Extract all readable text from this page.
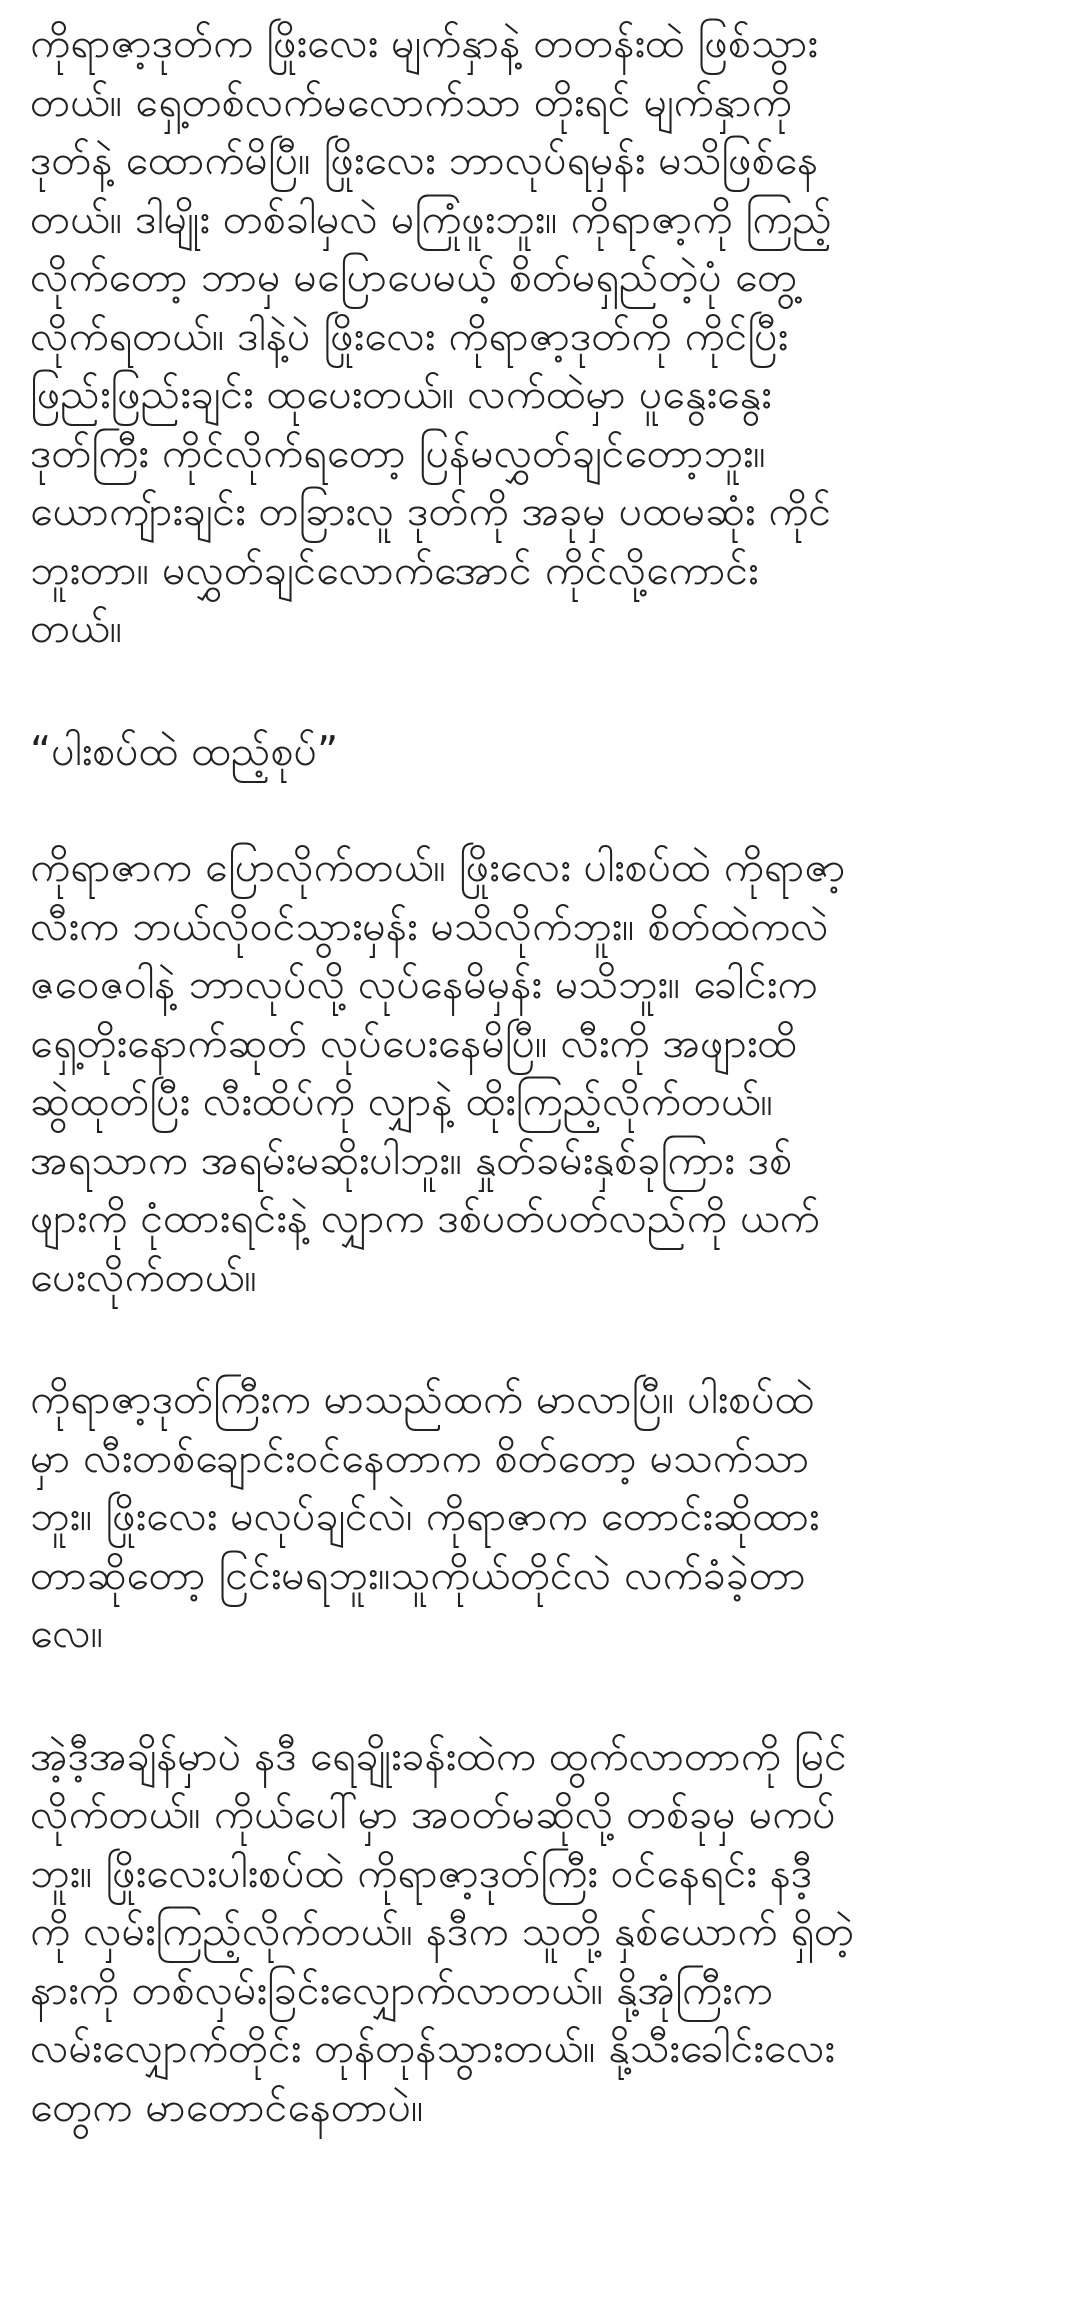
ကိုရာဇာ့ဒုတ်က ဖြိုးလေး မျက်နှာနဲ့ တတန်းထဲ ဖြစ်သွား
တယ်။ ရှေ့တစ်လက်မလောက်သာ တိုးရင် မျက်နှာကို
ဒုတ်နဲ့ ထောက်မိပြီ။ ဖြိုးလေး ဘာလုပ်ရမှန်း မသိဖြစ်နေ
တယ်။ ဒါမျိုး တစ်ခါမှလဲ မကြုံဖူးဘူး။ ကိုရာဇာ့ကို ကြည့်
လိုက်တော့ ဘာမှ မပြောပေမယ့် စိတ်မရှည်တဲ့ပုံ တွေ့
လိုက်ရတယ်။ ဒါနဲ့ပဲ ဖြိုးလေး ကိုရာဇာ့ဒုတ်ကို ကိုင်ပြီး
ဖြည်းဖြည်းချင်း ထုပေးတယ်။ လက်ထဲမှာ ပူနွေးနွေး
ဒုတ်ကြီး ကိုင်လိုက်ရတော့ ပြန်မလွှတ်ချင်တော့ဘူး။
ယောကျ်ားချင်း တခြားလူ ဒုတ်ကို အခုမှ ပထမဆုံး ကိုင်
ဘူးတာ။ မလွှတ်ချင်လောက်အောင် ကိုင်လို့ကောင်း
တယ်။

“ပါးစပ်ထဲ ထည့်စုပ်”

ကိုရာဇာက ပြောလိုက်တယ်။ ဖြိုးလေး ပါးစပ်ထဲ ကိုရာဇာ့
လီးက ဘယ်လိုဝင်သွားမှန်း မသိလိုက်ဘူး။ စိတ်ထဲကလဲ
ဇဝေဇဝါနဲ့ ဘာလုပ်လို့ လုပ်နေမိမှန်း မသိဘူး။ ခေါင်းက
ရှေ့တိုးနောက်ဆုတ် လုပ်ပေးနေမိပြီ။ လီးကို အဖျားထိ
ဆွဲထုတ်ပြီး လီးထိပ်ကို လျှာနဲ့ ထိုးကြည့်လိုက်တယ်။
အရသာက အရမ်းမဆိုးပါဘူး။ နှုတ်ခမ်းနှစ်ခုကြား ဒစ်
ဖျားကို ငုံထားရင်းနဲ့ လျှာက ဒစ်ပတ်ပတ်လည်ကို ယက်
ပေးလိုက်တယ်။

ကိုရာဇာ့ဒုတ်ကြီးက မာသည်ထက် မာလာပြီ။ ပါးစပ်ထဲ
မှာ လီးတစ်ချောင်းဝင်နေတာက စိတ်တော့ မသက်သာ
ဘူး။ ဖြိုးလေး မလုပ်ချင်လဲ၊ ကိုရာဇာက တောင်းဆိုထား
တာဆိုတော့ ငြင်းမရဘူး။သူကိုယ်တိုင်လဲ လက်ခံခဲ့တာ
လေ။

အဲ့ဒီ့အချိန်မှာပဲ နဒီ ရေချိုးခန်းထဲက ထွက်လာတာကို မြင်
လိုက်တယ်။ ကိုယ်ပေါ်မှာ အဝတ်မဆိုလို့ တစ်ခုမှ မကပ်
ဘူး။ ဖြိုးလေးပါးစပ်ထဲ ကိုရာဇာ့ဒုတ်ကြီး ဝင်နေရင်း နဒီ့
ကို လှမ်းကြည့်လိုက်တယ်။ နဒီက သူတို့ နှစ်ယောက် ရှိတဲ့
နားကို တစ်လှမ်းခြင်းလျှောက်လာတယ်။ နို့အုံကြီးက
လမ်းလျှောက်တိုင်း တုန်တုန်သွားတယ်။ နို့သီးခေါင်းလေး
တွေက မာတောင်နေတာပဲ။
